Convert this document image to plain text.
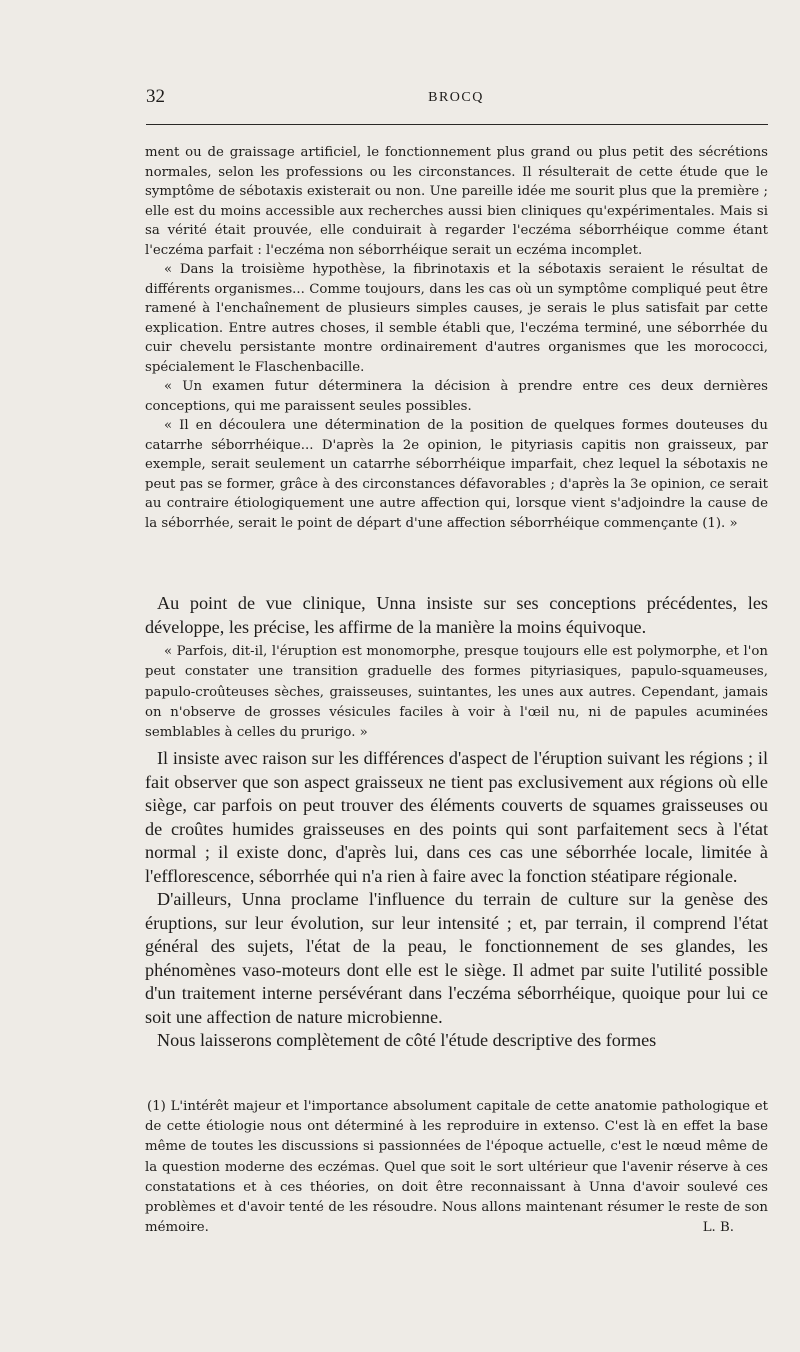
32	BROCQ

ment ou de graissage artificiel, le fonctionnement plus grand ou plus petit des sécrétions normales, selon les professions ou les circonstances. Il résulterait de cette étude que le symptôme de sébotaxis existerait ou non. Une pareille idée me sourit plus que la première ; elle est du moins accessible aux recherches aussi bien cliniques qu'expérimentales. Mais si sa vérité était prouvée, elle conduirait à regarder l'eczéma séborrhéique comme étant l'eczéma parfait : l'eczéma non séborrhéique serait un eczéma incomplet.

« Dans la troisième hypothèse, la fibrinotaxis et la sébotaxis seraient le résultat de différents organismes... Comme toujours, dans les cas où un symptôme compliqué peut être ramené à l'enchaînement de plusieurs simples causes, je serais le plus satisfait par cette explication. Entre autres choses, il semble établi que, l'eczéma terminé, une séborrhée du cuir chevelu persistante montre ordinairement d'autres organismes que les morococci, spécialement le Flaschenbacille.

« Un examen futur déterminera la décision à prendre entre ces deux dernières conceptions, qui me paraissent seules possibles.

« Il en découlera une détermination de la position de quelques formes douteuses du catarrhe séborrhéique... D'après la 2e opinion, le pityriasis capitis non graisseux, par exemple, serait seulement un catarrhe séborrhéique imparfait, chez lequel la sébotaxis ne peut pas se former, grâce à des circonstances défavorables ; d'après la 3e opinion, ce serait au contraire étiologiquement une autre affection qui, lorsque vient s'adjoindre la cause de la séborrhée, serait le point de départ d'une affection séborrhéique commençante (1). »

Au point de vue clinique, Unna insiste sur ses conceptions précédentes, les développe, les précise, les affirme de la manière la moins équivoque.

« Parfois, dit-il, l'éruption est monomorphe, presque toujours elle est polymorphe, et l'on peut constater une transition graduelle des formes pityriasiques, papulo-squameuses, papulo-croûteuses sèches, graisseuses, suintantes, les unes aux autres. Cependant, jamais on n'observe de grosses vésicules faciles à voir à l'œil nu, ni de papules acuminées semblables à celles du prurigo. »

Il insiste avec raison sur les différences d'aspect de l'éruption suivant les régions ; il fait observer que son aspect graisseux ne tient pas exclusivement aux régions où elle siège, car parfois on peut trouver des éléments couverts de squames graisseuses ou de croûtes humides graisseuses en des points qui sont parfaitement secs à l'état normal ; il existe donc, d'après lui, dans ces cas une séborrhée locale, limitée à l'efflorescence, séborrhée qui n'a rien à faire avec la fonction stéatipare régionale.

D'ailleurs, Unna proclame l'influence du terrain de culture sur la genèse des éruptions, sur leur évolution, sur leur intensité ; et, par terrain, il comprend l'état général des sujets, l'état de la peau, le fonctionnement de ses glandes, les phénomènes vaso-moteurs dont elle est le siège. Il admet par suite l'utilité possible d'un traitement interne persévérant dans l'eczéma séborrhéique, quoique pour lui ce soit une affection de nature microbienne.

Nous laisserons complètement de côté l'étude descriptive des formes

(1) L'intérêt majeur et l'importance absolument capitale de cette anatomie pathologique et de cette étiologie nous ont déterminé à les reproduire in extenso. C'est là en effet la base même de toutes les discussions si passionnées de l'époque actuelle, c'est le nœud même de la question moderne des eczémas. Quel que soit le sort ultérieur que l'avenir réserve à ces constatations et à ces théories, on doit être reconnaissant à Unna d'avoir soulevé ces problèmes et d'avoir tenté de les résoudre. Nous allons maintenant résumer le reste de son mémoire.	L. B.
